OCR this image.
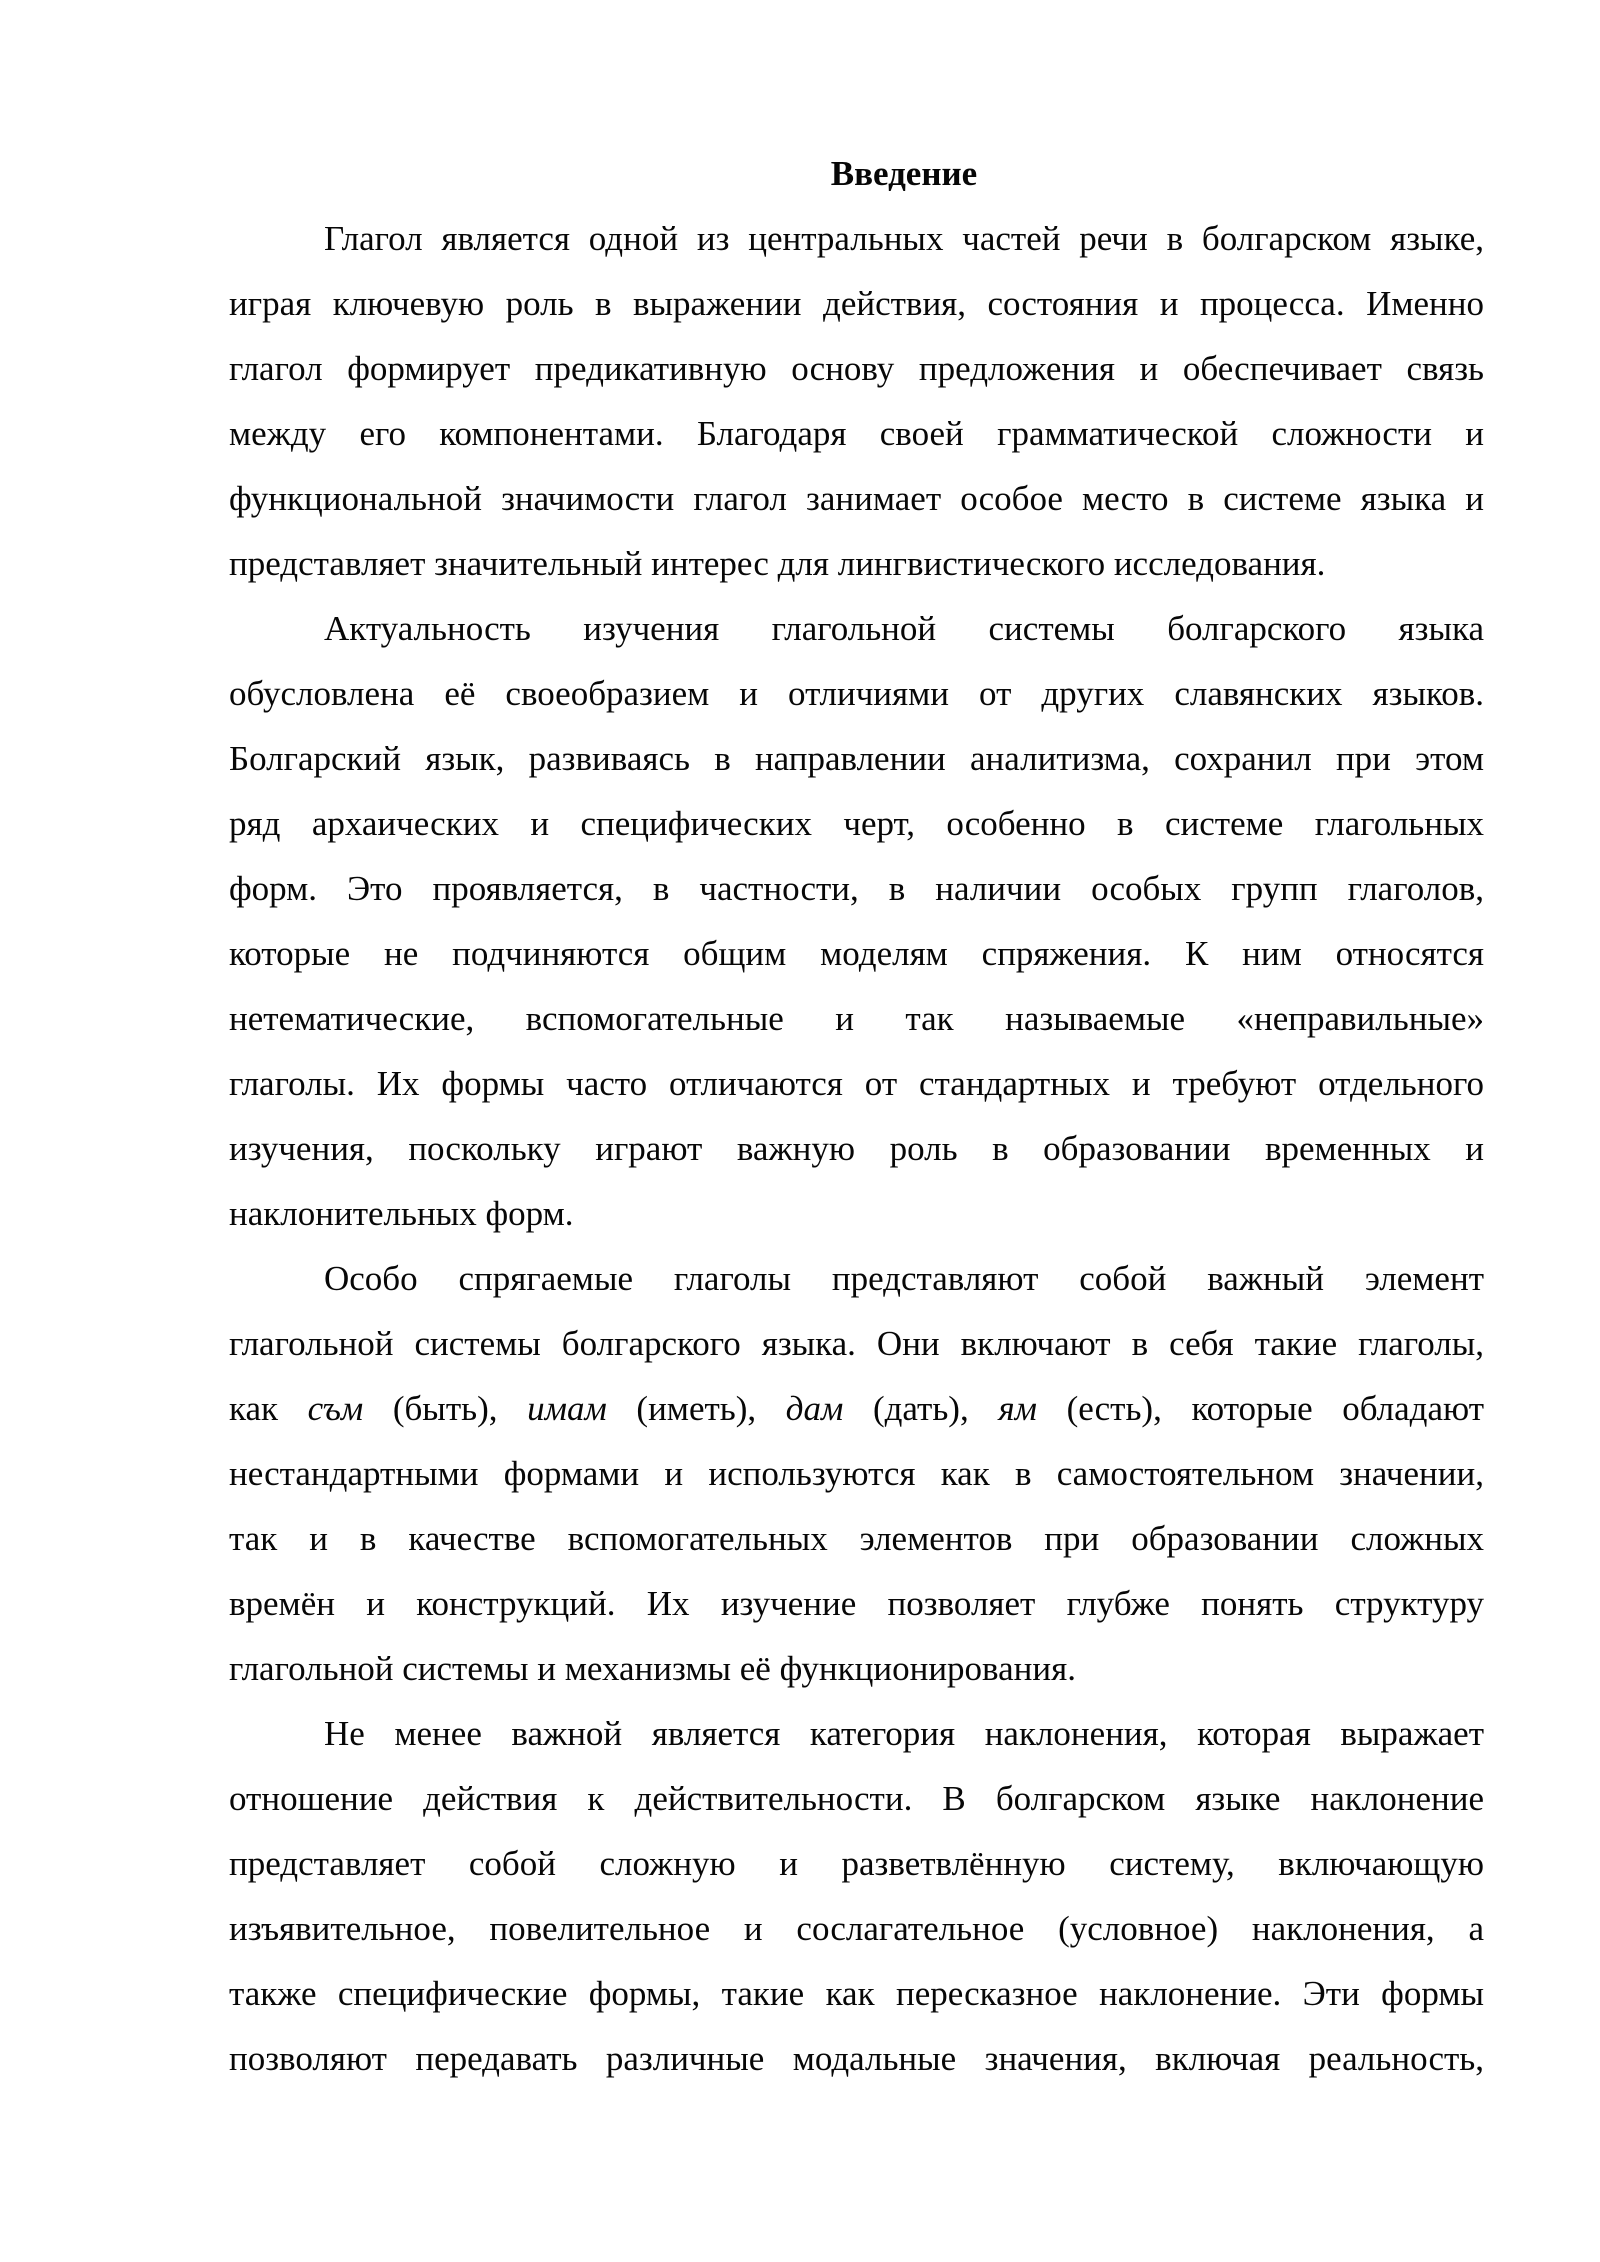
Введение
Глагол является одной из центральных частей речи в болгарском языке,
играя ключевую роль в выражении действия, состояния и процесса. Именно
глагол формирует предикативную основу предложения и обеспечивает связь
между его компонентами. Благодаря своей грамматической сложности и
функциональной значимости глагол занимает особое место в системе языка и
представляет значительный интерес для лингвистического исследования.
Актуальность изучения глагольной системы болгарского языка
обусловлена её своеобразием и отличиями от других славянских языков.
Болгарский язык, развиваясь в направлении аналитизма, сохранил при этом
ряд архаических и специфических черт, особенно в системе глагольных
форм. Это проявляется, в частности, в наличии особых групп глаголов,
которые не подчиняются общим моделям спряжения. К ним относятся
нетематические, вспомогательные и так называемые «неправильные»
глаголы. Их формы часто отличаются от стандартных и требуют отдельного
изучения, поскольку играют важную роль в образовании временных и
наклонительных форм.
Особо спрягаемые глаголы представляют собой важный элемент
глагольной системы болгарского языка. Они включают в себя такие глаголы,
как съм (быть), имам (иметь), дам (дать), ям (есть), которые обладают
нестандартными формами и используются как в самостоятельном значении,
так и в качестве вспомогательных элементов при образовании сложных
времён и конструкций. Их изучение позволяет глубже понять структуру
глагольной системы и механизмы её функционирования.
Не менее важной является категория наклонения, которая выражает
отношение действия к действительности. В болгарском языке наклонение
представляет собой сложную и разветвлённую систему, включающую
изъявительное, повелительное и сослагательное (условное) наклонения, а
также специфические формы, такие как пересказное наклонение. Эти формы
позволяют передавать различные модальные значения, включая реальность,
